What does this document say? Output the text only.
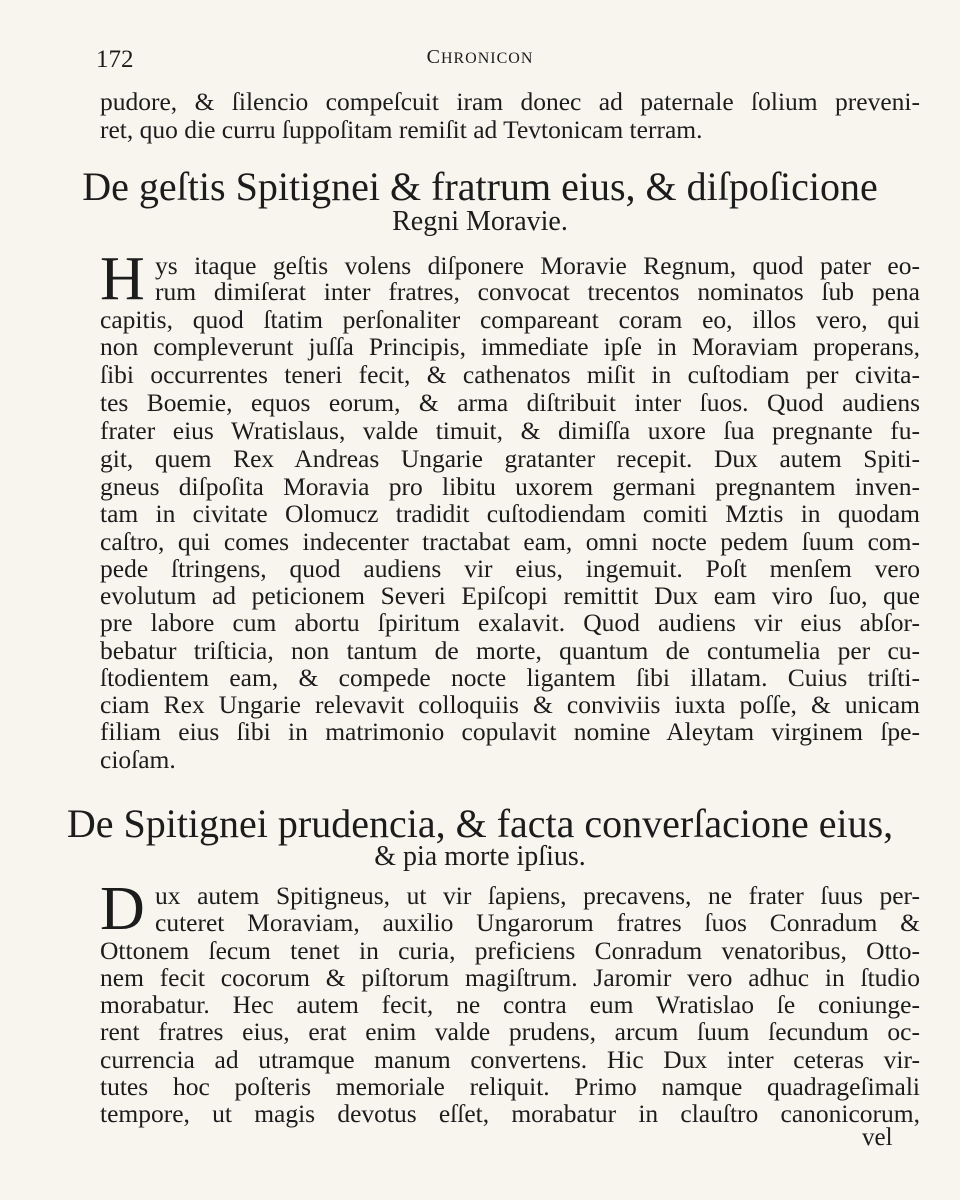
172	CHRONICON
pudore, & ſilencio compeſcuit iram donec ad paternale ſolium preveni-
ret, quo die curru ſuppoſitam remiſit ad Tevtonicam terram.
De geſtis Spitignei & fratrum eius, & diſpoſicione
Regni Moravie.
H ys itaque geſtis volens diſponere Moravie Regnum, quod pater eo-
rum dimiſerat inter fratres, convocat trecentos nominatos ſub pena
capitis, quod ſtatim perſonaliter compareant coram eo, illos vero, qui
non compleverunt juſſa Principis, immediate ipſe in Moraviam properans,
ſibi occurrentes teneri fecit, & cathenatos miſit in cuſtodiam per civita-
tes Boemie, equos eorum, & arma diſtribuit inter ſuos. Quod audiens
frater eius Wratislaus, valde timuit, & dimiſſa uxore ſua pregnante fu-
git, quem Rex Andreas Ungarie gratanter recepit. Dux autem Spiti-
gneus diſpoſita Moravia pro libitu uxorem germani pregnantem inven-
tam in civitate Olomucz tradidit cuſtodiendam comiti Mztis in quodam
caſtro, qui comes indecenter tractabat eam, omni nocte pedem ſuum com-
pede ſtringens, quod audiens vir eius, ingemuit. Poſt menſem vero
evolutum ad peticionem Severi Epiſcopi remittit Dux eam viro ſuo, que
pre labore cum abortu ſpiritum exalavit. Quod audiens vir eius abſor-
bebatur triſticia, non tantum de morte, quantum de contumelia per cu-
ſtodientem eam, & compede nocte ligantem ſibi illatam. Cuius triſti-
ciam Rex Ungarie relevavit colloquiis & conviviis iuxta poſſe, & unicam
filiam eius ſibi in matrimonio copulavit nomine Aleytam virginem ſpe-
cioſam.
De Spitignei prudencia, & facta converſacione eius,
& pia morte ipſius.
D ux autem Spitigneus, ut vir ſapiens, precavens, ne frater ſuus per-
cuteret Moraviam, auxilio Ungarorum fratres ſuos Conradum &
Ottonem ſecum tenet in curia, preficiens Conradum venatoribus, Otto-
nem fecit cocorum & piſtorum magiſtrum. Jaromir vero adhuc in ſtudio
morabatur. Hec autem fecit, ne contra eum Wratislao ſe coniunge-
rent fratres eius, erat enim valde prudens, arcum ſuum ſecundum oc-
currencia ad utramque manum convertens. Hic Dux inter ceteras vir-
tutes hoc poſteris memoriale reliquit. Primo namque quadrageſimali
tempore, ut magis devotus eſſet, morabatur in clauſtro canonicorum,
vel
